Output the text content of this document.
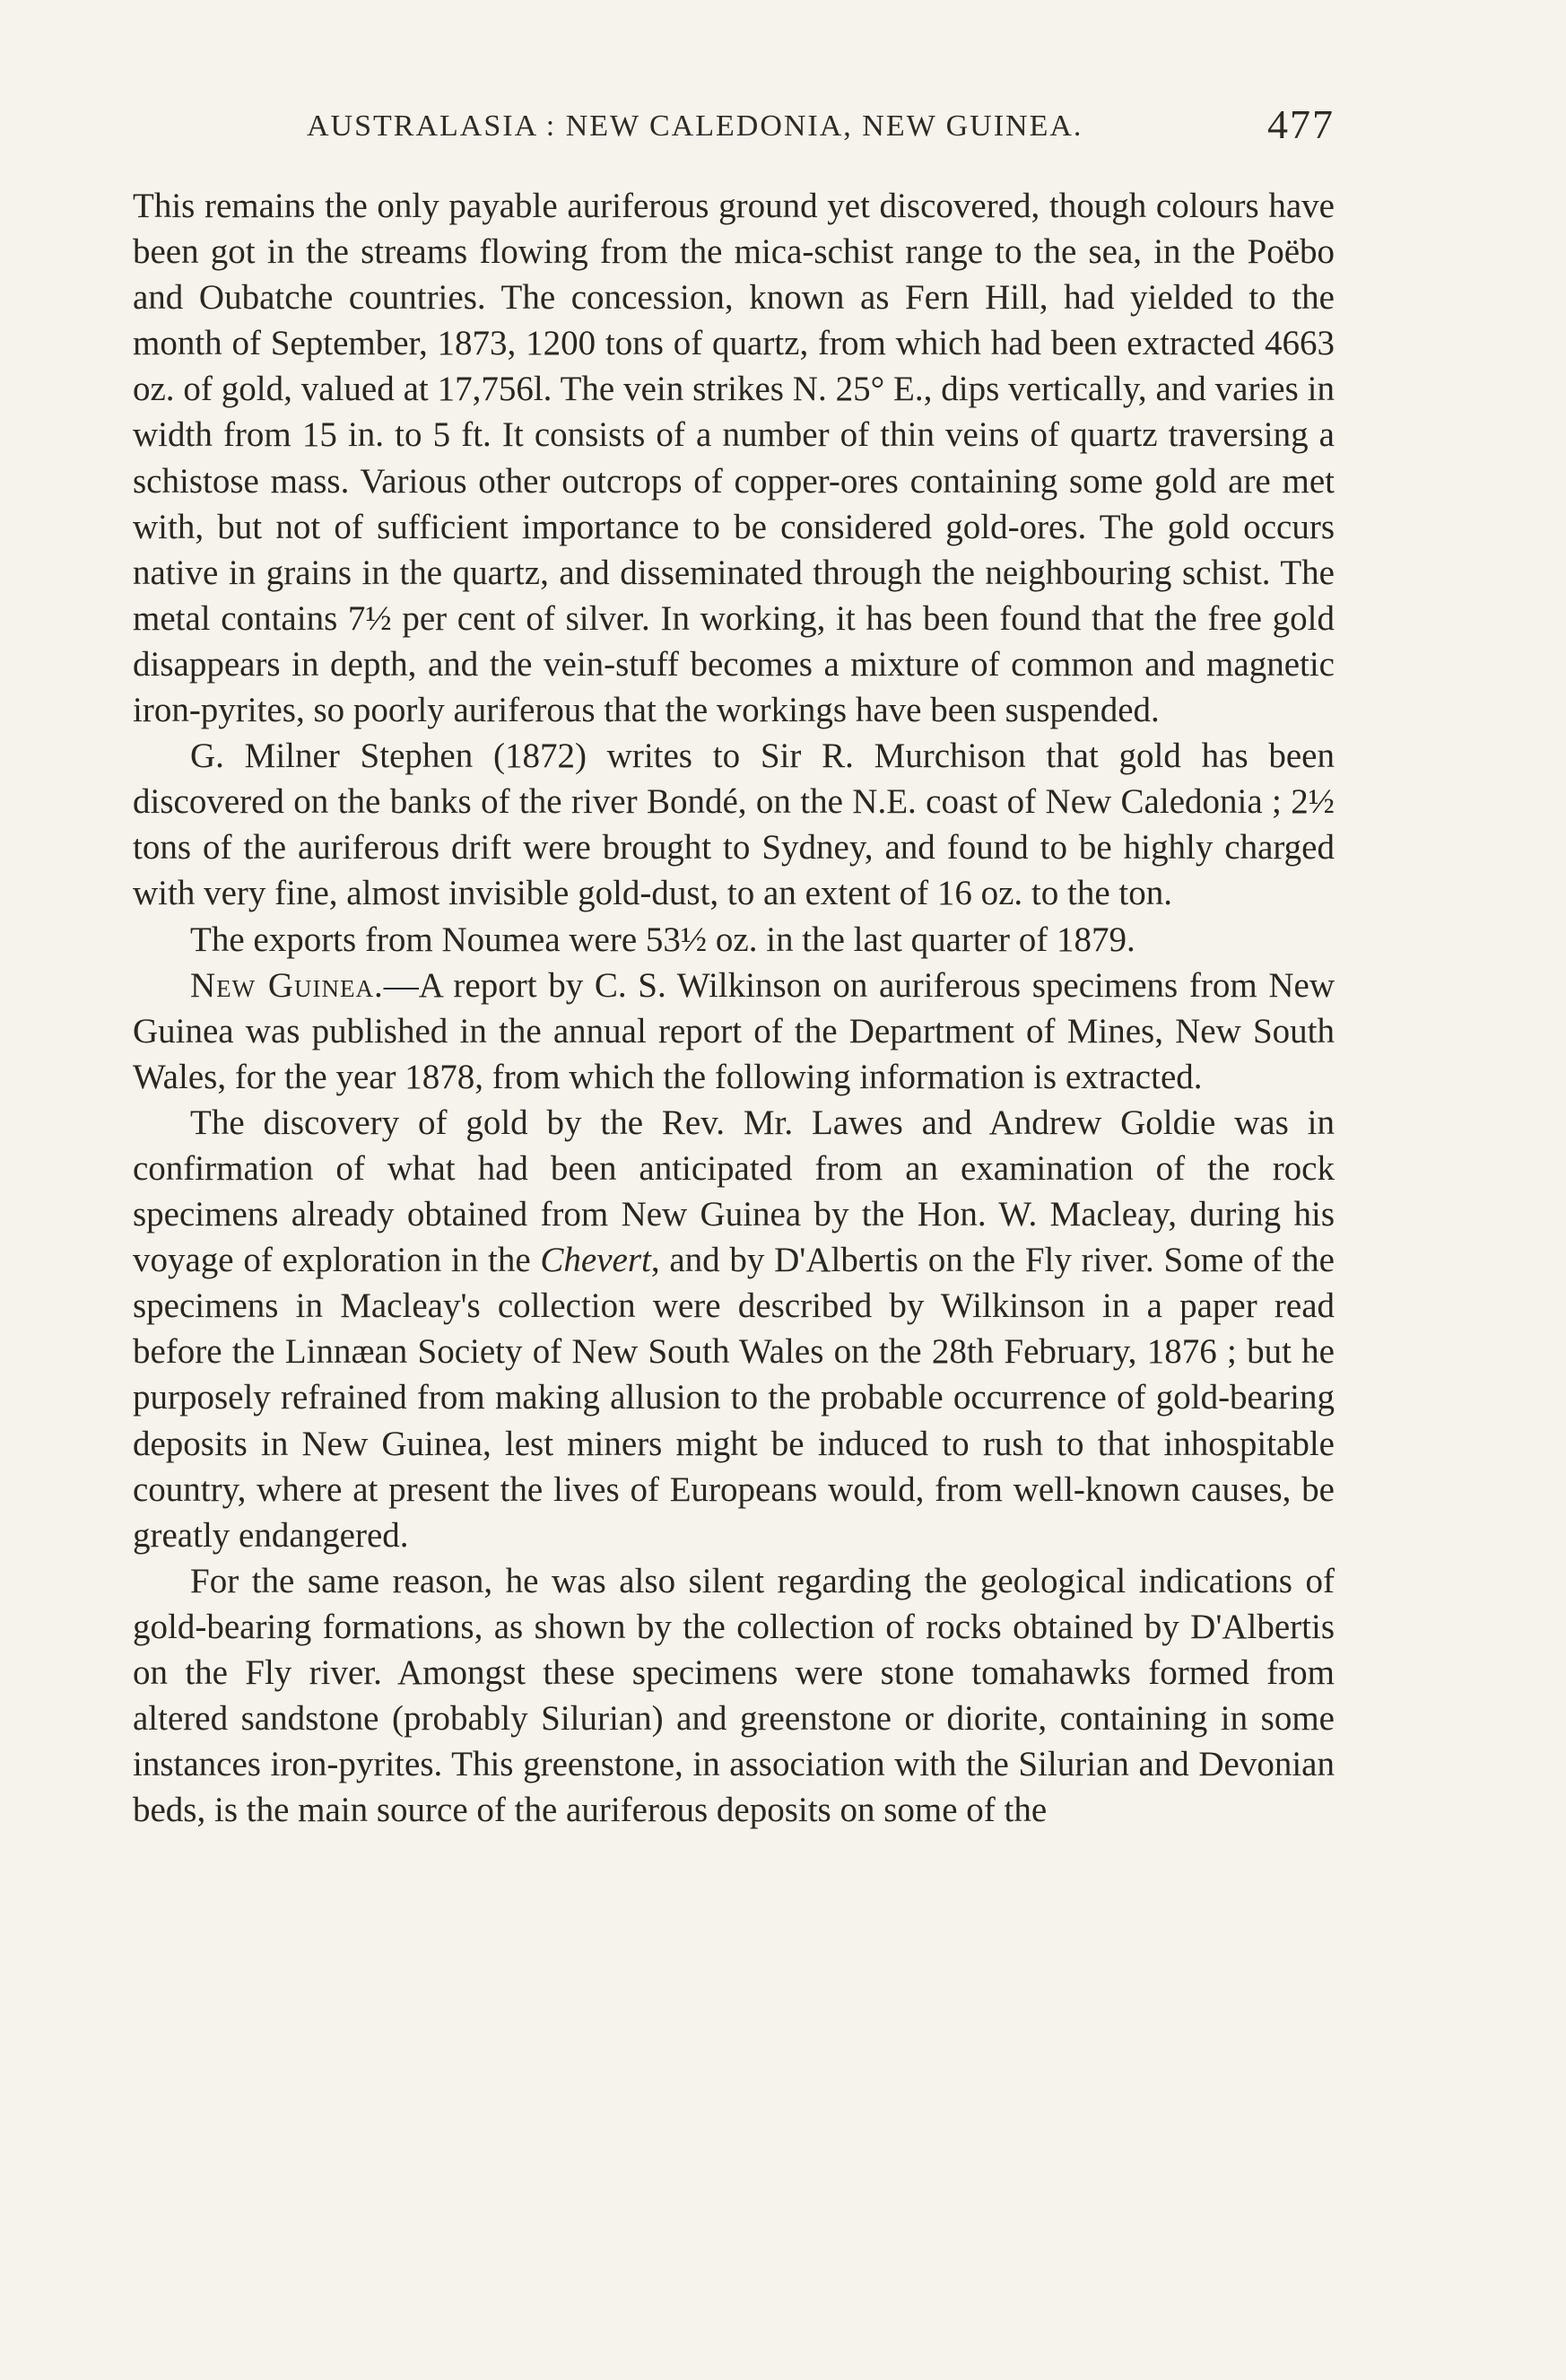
AUSTRALASIA : NEW CALEDONIA, NEW GUINEA.	477

This remains the only payable auriferous ground yet discovered, though colours have been got in the streams flowing from the mica-schist range to the sea, in the Poëbo and Oubatche countries. The concession, known as Fern Hill, had yielded to the month of September, 1873, 1200 tons of quartz, from which had been extracted 4663 oz. of gold, valued at 17,756l. The vein strikes N. 25° E., dips vertically, and varies in width from 15 in. to 5 ft. It consists of a number of thin veins of quartz traversing a schistose mass. Various other outcrops of copper-ores containing some gold are met with, but not of sufficient importance to be considered gold-ores. The gold occurs native in grains in the quartz, and disseminated through the neighbouring schist. The metal contains 7½ per cent of silver. In working, it has been found that the free gold disappears in depth, and the vein-stuff becomes a mixture of common and magnetic iron-pyrites, so poorly auriferous that the workings have been suspended.

G. Milner Stephen (1872) writes to Sir R. Murchison that gold has been discovered on the banks of the river Bondé, on the N.E. coast of New Caledonia ; 2½ tons of the auriferous drift were brought to Sydney, and found to be highly charged with very fine, almost invisible gold-dust, to an extent of 16 oz. to the ton.

The exports from Noumea were 53½ oz. in the last quarter of 1879.

New Guinea.—A report by C. S. Wilkinson on auriferous specimens from New Guinea was published in the annual report of the Department of Mines, New South Wales, for the year 1878, from which the following information is extracted.

The discovery of gold by the Rev. Mr. Lawes and Andrew Goldie was in confirmation of what had been anticipated from an examination of the rock specimens already obtained from New Guinea by the Hon. W. Macleay, during his voyage of exploration in the Chevert, and by D'Albertis on the Fly river. Some of the specimens in Macleay's collection were described by Wilkinson in a paper read before the Linnæan Society of New South Wales on the 28th February, 1876 ; but he purposely refrained from making allusion to the probable occurrence of gold-bearing deposits in New Guinea, lest miners might be induced to rush to that inhospitable country, where at present the lives of Europeans would, from well-known causes, be greatly endangered.

For the same reason, he was also silent regarding the geological indications of gold-bearing formations, as shown by the collection of rocks obtained by D'Albertis on the Fly river. Amongst these specimens were stone tomahawks formed from altered sandstone (probably Silurian) and greenstone or diorite, containing in some instances iron-pyrites. This greenstone, in association with the Silurian and Devonian beds, is the main source of the auriferous deposits on some of the
